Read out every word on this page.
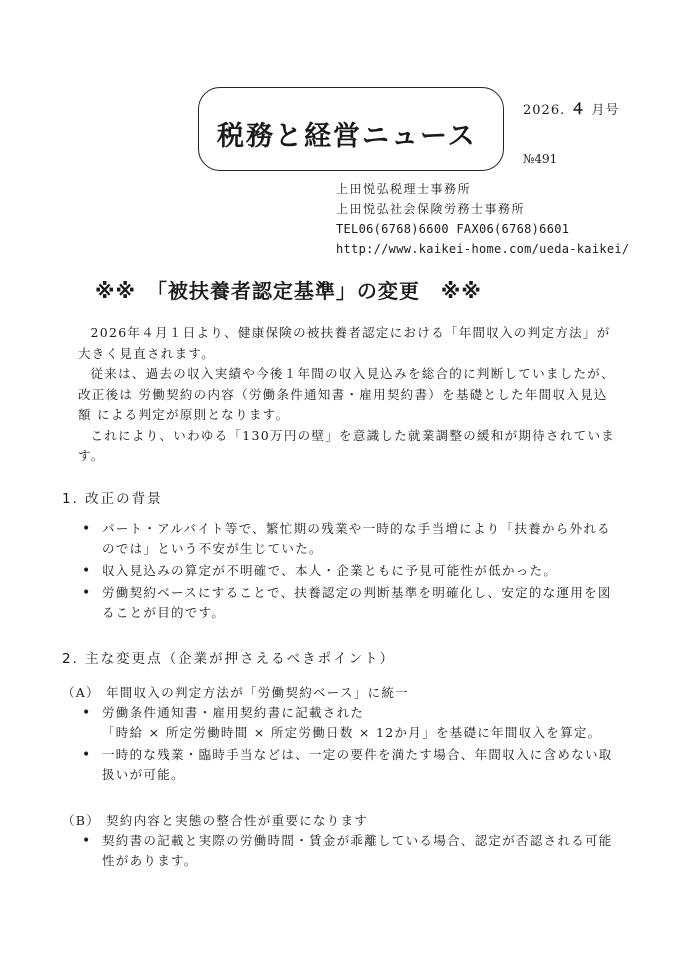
税務と経営ニュース
2026. ４ 月号
№491
上田悦弘税理士事務所
上田悦弘社会保険労務士事務所
TEL06(6768)6600 FAX06(6768)6601
http://www.kaikei-home.com/ueda-kaikei/
※※　「被扶養者認定基準」の変更　※※

2026年４月１日より、健康保険の被扶養者認定における「年間収入の判定方法」が大きく見直されます。

従来は、過去の収入実績や今後１年間の収入見込みを総合的に判断していましたが、改正後は 労働契約の内容（労働条件通知書・雇用契約書）を基礎とした年間収入見込額 による判定が原則となります。

これにより、いわゆる「130万円の壁」を意識した就業調整の緩和が期待されています。

1. 改正の背景
• パート・アルバイト等で、繁忙期の残業や一時的な手当増により「扶養から外れるのでは」という不安が生じていた。
• 収入見込みの算定が不明確で、本人・企業ともに予見可能性が低かった。
• 労働契約ベースにすることで、扶養認定の判断基準を明確化し、安定的な運用を図ることが目的です。
2. 主な変更点（企業が押さえるべきポイント）
（A） 年間収入の判定方法が「労働契約ベース」に統一
• 労働条件通知書・雇用契約書に記載された
「時給 × 所定労働時間 × 所定労働日数 × 12か月」を基礎に年間収入を算定。
• 一時的な残業・臨時手当などは、一定の要件を満たす場合、年間収入に含めない取扱いが可能。
（B） 契約内容と実態の整合性が重要になります
• 契約書の記載と実際の労働時間・賃金が乖離している場合、認定が否認される可能性があります。
